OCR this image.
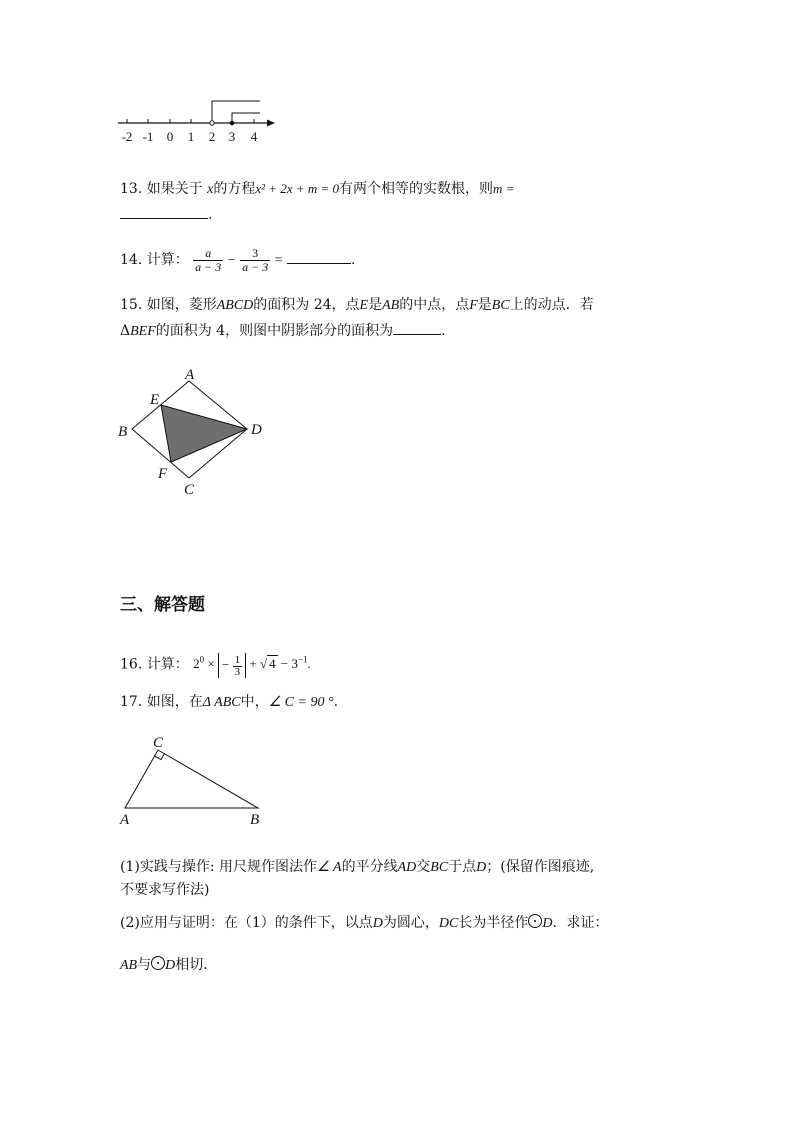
-2 -1 0 1 2 3 4
13. 如果关于 x的方程x² + 2x + m = 0有两个相等的实数根，则m =
.
14. 计算： $\frac{a}{a - 3} - \frac{3}{a - 3}$ =	.
15. 如图，菱形ABCD的面积为 24，点E是AB的中点，点F是BC上的动点．若
ΔBEF的面积为 4，则图中阴影部分的面积为	.
A
B
C
D
E
F
三、解答题
16. 计算： $2^0$ × − $\frac{1}{3}$ + √ $4 - 3^{-1}$.
17. 如图，在Δ ABC中，∠ C = 90 °.
C
A	B
(1)实践与操作: 用尺规作图法作∠ A的平分线AD交BC于点D；(保留作图痕迹,
不要求写作法)
(2)应用与证明：在（1）的条件下，以点D为圆心，DC长为半径作 D．求证：
AB与 D相切．
